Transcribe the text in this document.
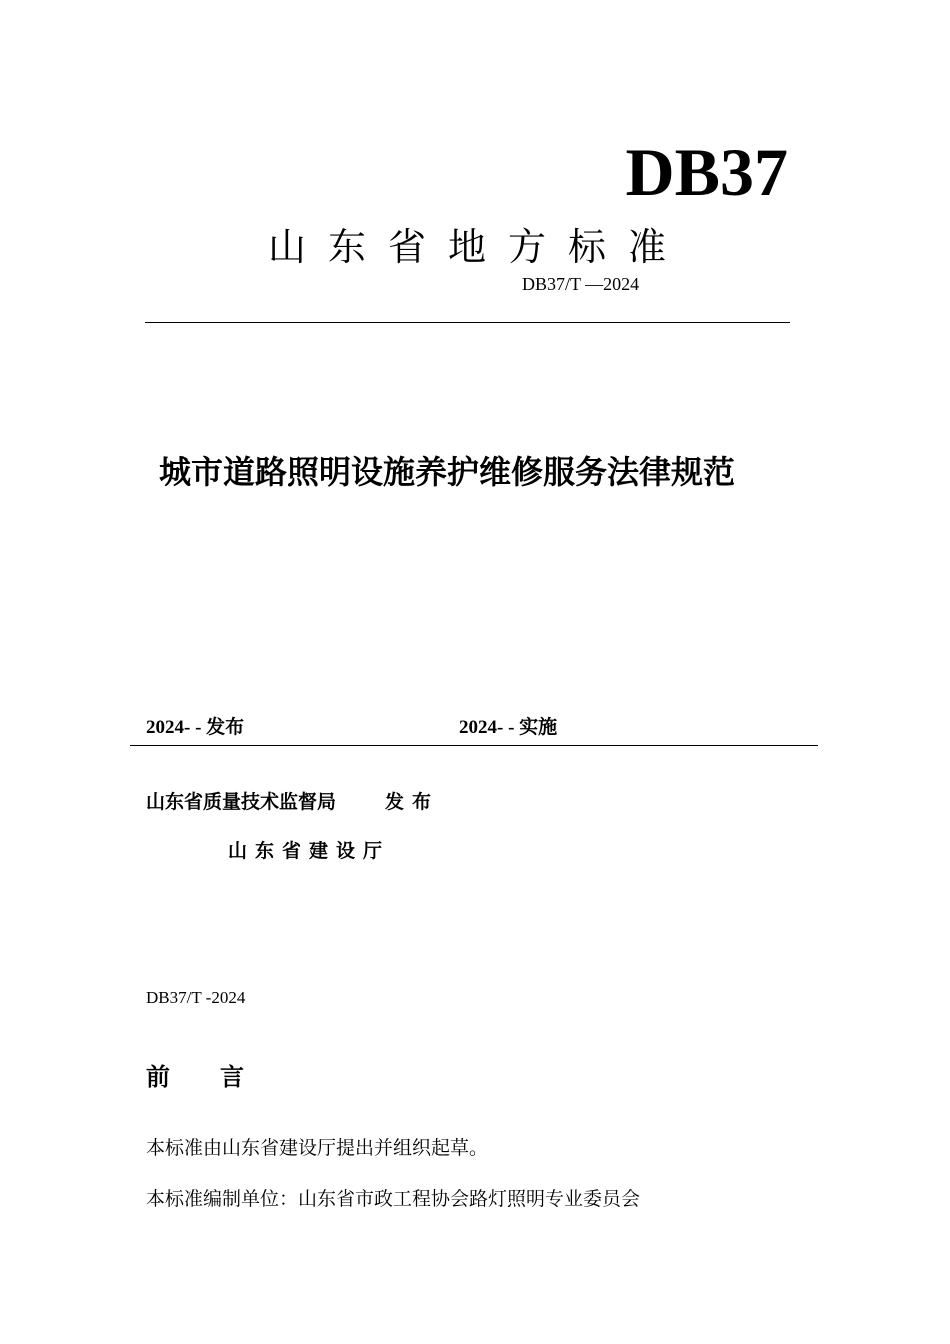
DB37
山东省地方标准
DB37/T —2024
城市道路照明设施养护维修服务法律规范
2024- - 发布	2024- - 实施
山东省质量技术监督局	发布
山东省建设厅
DB37/T -2024
前言
本标准由山东省建设厅提出并组织起草。
本标准编制单位：山东省市政工程协会路灯照明专业委员会
